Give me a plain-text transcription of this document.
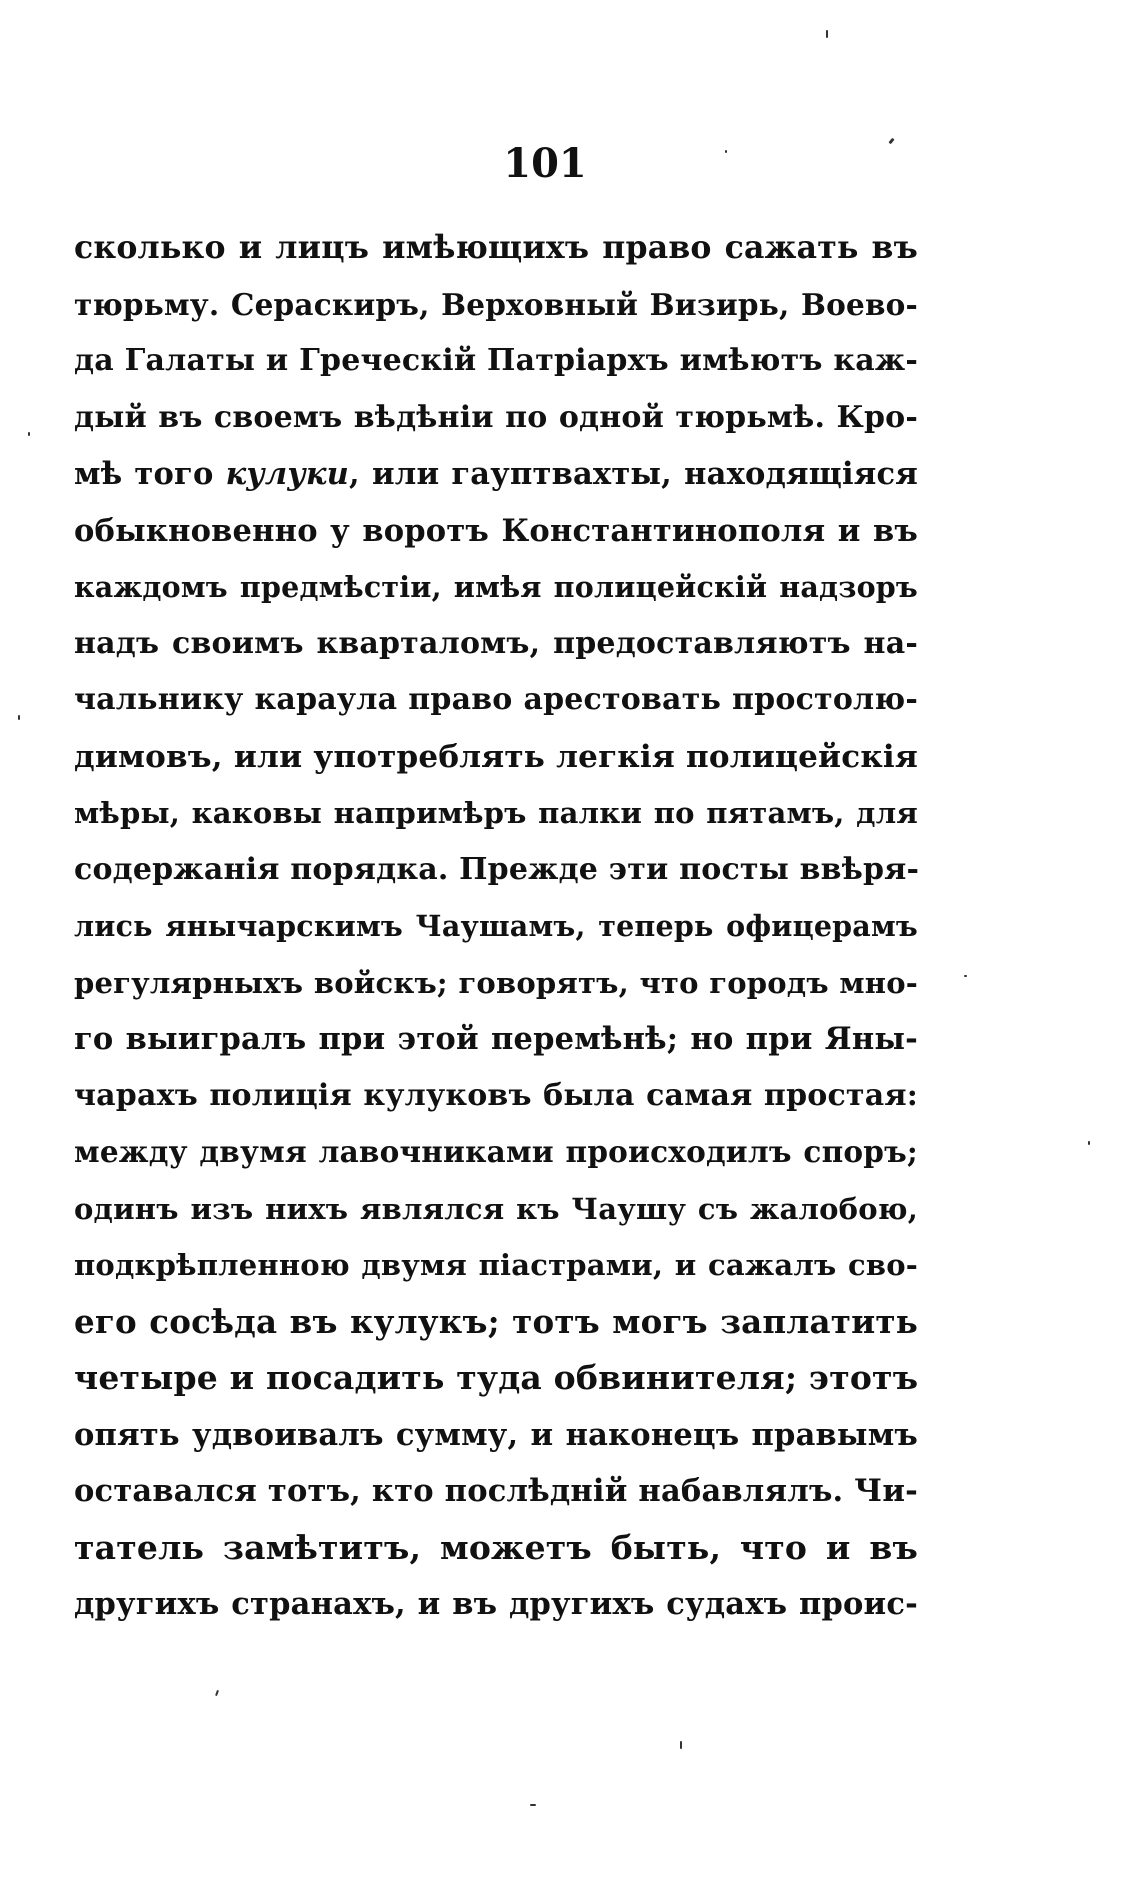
101
сколько и лицъ имѣющихъ право сажать въ
тюрьму. Сераскиръ, Верховный Визирь, Воево-
да Галаты и Греческій Патріархъ имѣютъ каж-
дый въ своемъ вѣдѣніи по одной тюрьмѣ. Кро-
мѣ того кулуки, или гауптвахты, находящіяся
обыкновенно у воротъ Константинополя и въ
каждомъ предмѣстіи, имѣя полицейскій надзоръ
надъ своимъ кварталомъ, предоставляютъ на-
чальнику караула право арестовать простолю-
димовъ, или употреблять легкія полицейскія
мѣры, каковы напримѣръ палки по пятамъ, для
содержанія порядка. Прежде эти посты ввѣря-
лись янычарскимъ Чаушамъ, теперь офицерамъ
регулярныхъ войскъ; говорятъ, что городъ мно-
го выигралъ при этой перемѣнѣ; но при Яны-
чарахъ полиція кулуковъ была самая простая:
между двумя лавочниками происходилъ споръ;
одинъ изъ нихъ являлся къ Чаушу съ жалобою,
подкрѣпленною двумя піастрами, и сажалъ сво-
его сосѣда въ кулукъ; тотъ могъ заплатить
четыре и посадить туда обвинителя; этотъ
опять удвоивалъ сумму, и наконецъ правымъ
оставался тотъ, кто послѣдній набавлялъ. Чи-
татель замѣтитъ, можетъ быть, что и въ
другихъ странахъ, и въ другихъ судахъ проис-
